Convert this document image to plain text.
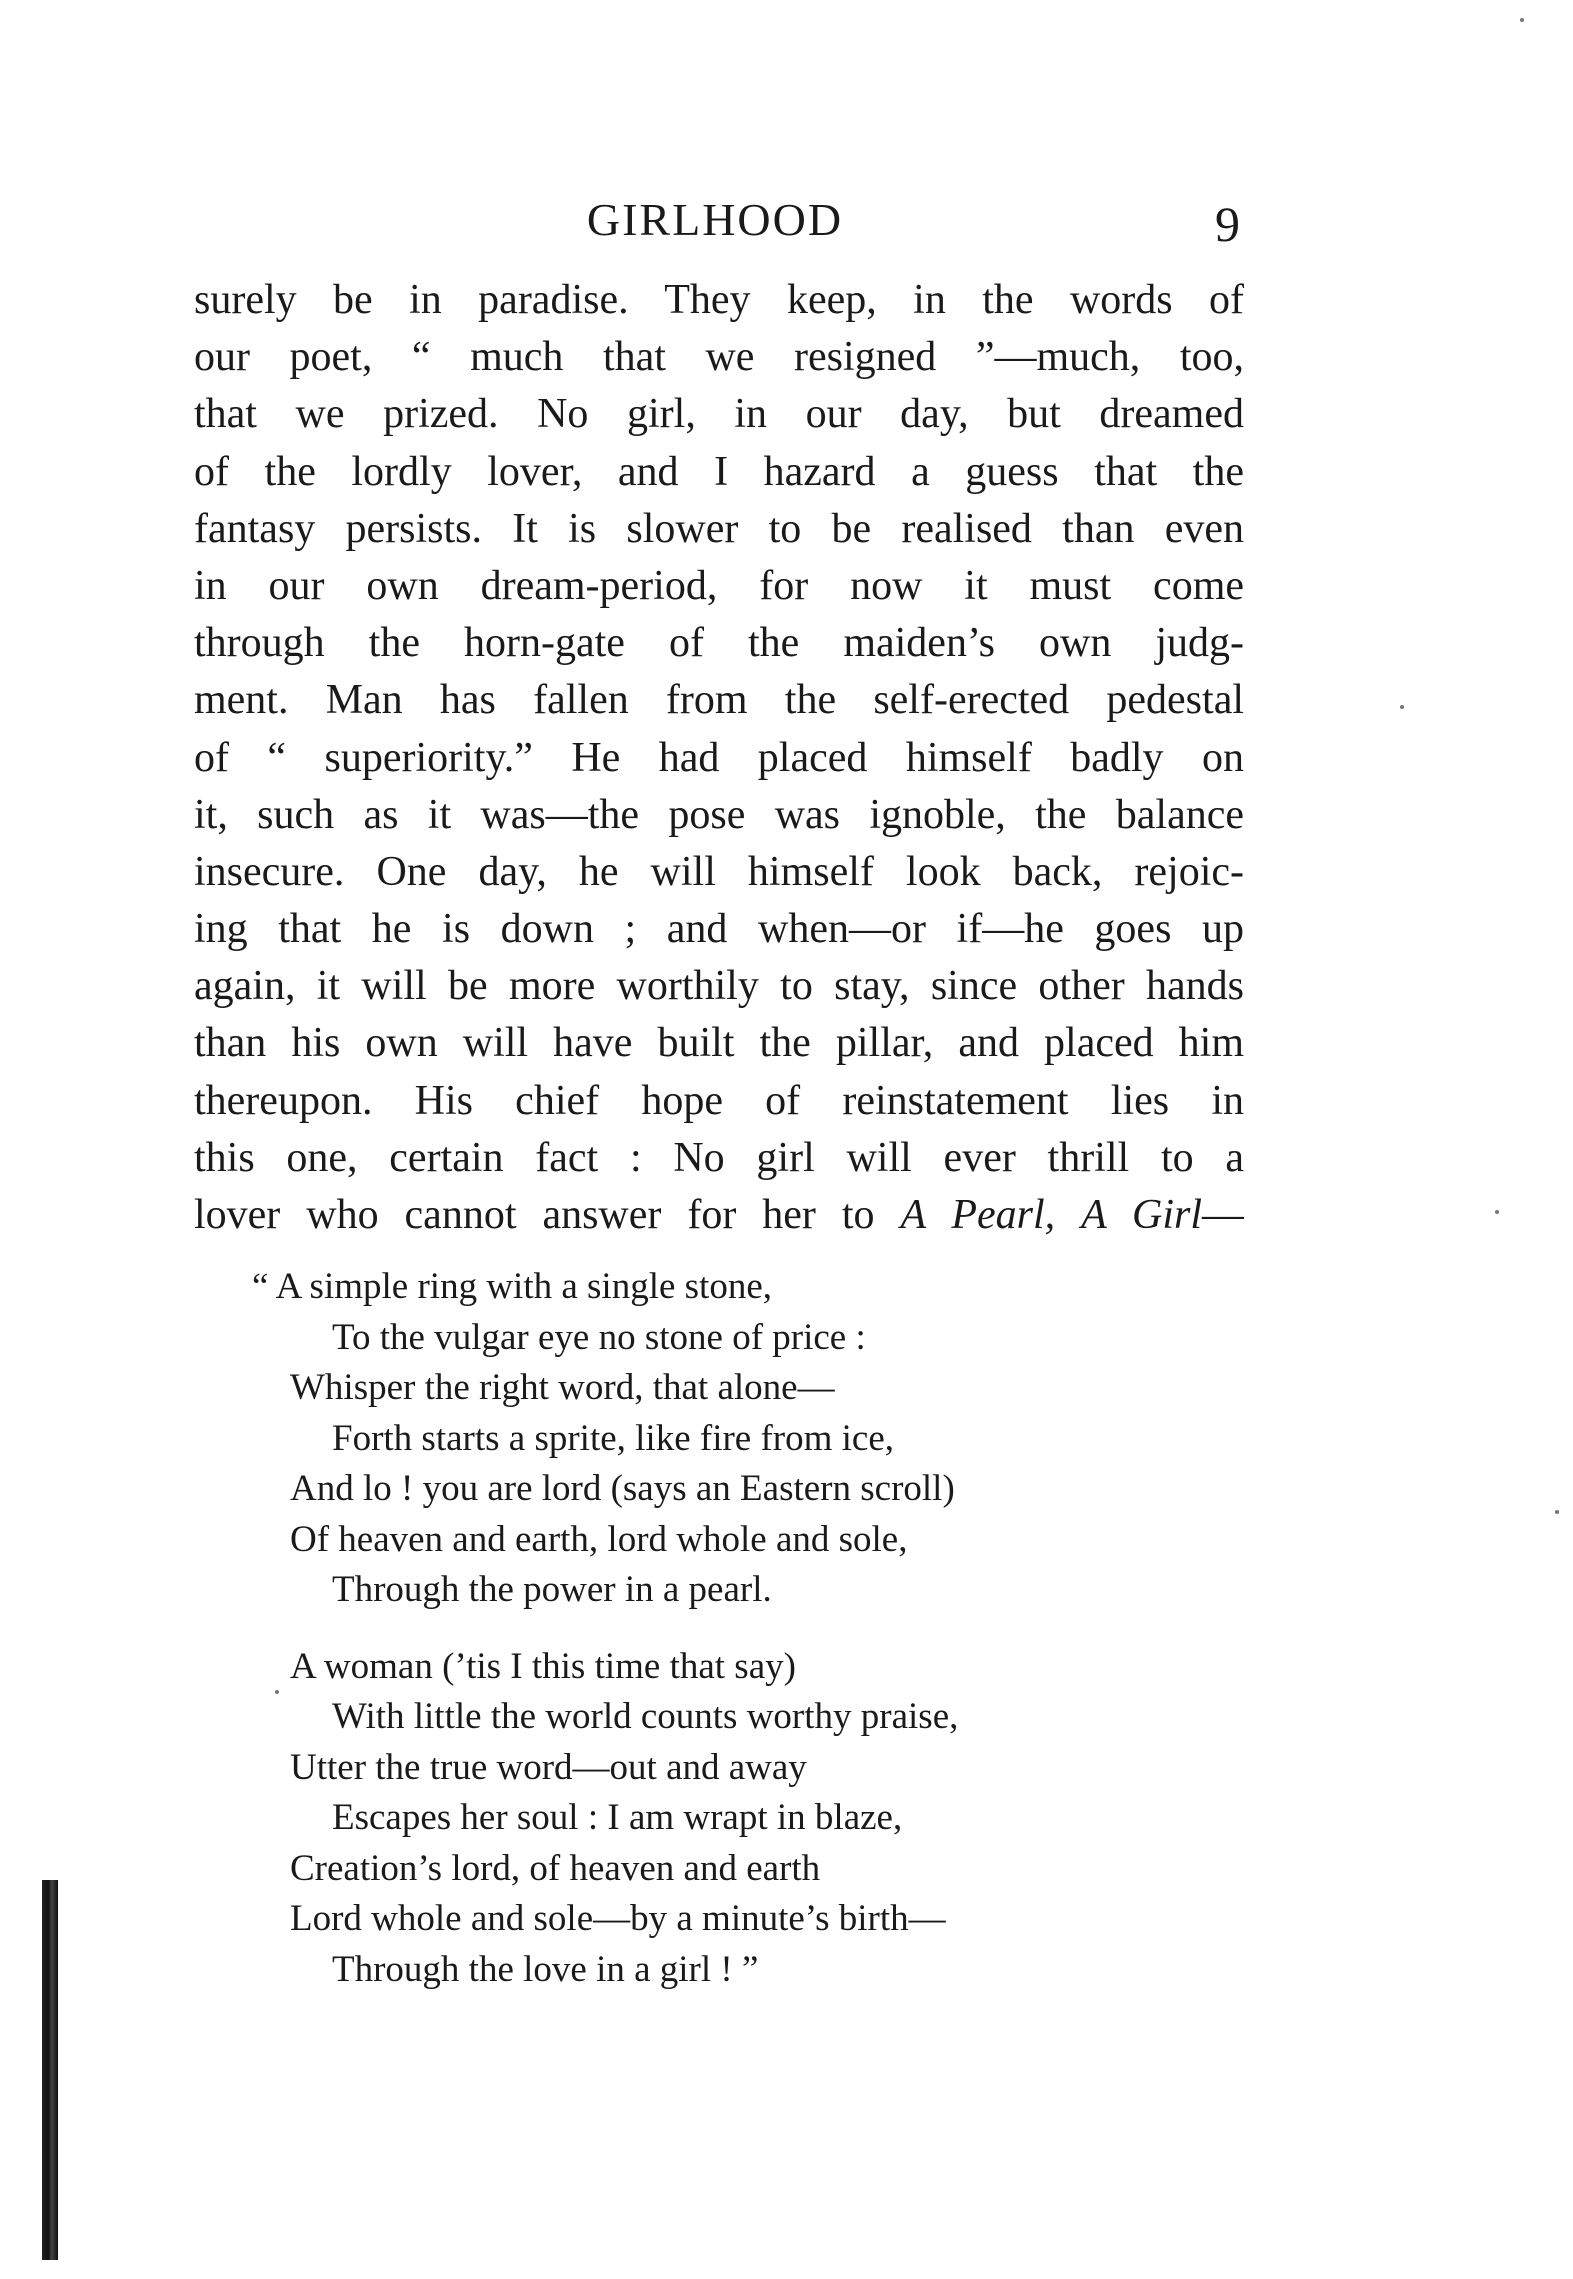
GIRLHOOD	9
surely be in paradise. They keep, in the words of
our poet, “ much that we resigned ”—much, too,
that we prized. No girl, in our day, but dreamed
of the lordly lover, and I hazard a guess that the
fantasy persists. It is slower to be realised than even
in our own dream-period, for now it must come
through the horn-gate of the maiden’s own judg-
ment. Man has fallen from the self-erected pedestal
of “ superiority.” He had placed himself badly on
it, such as it was—the pose was ignoble, the balance
insecure. One day, he will himself look back, rejoic-
ing that he is down ; and when—or if—he goes up
again, it will be more worthily to stay, since other hands
than his own will have built the pillar, and placed him
thereupon. His chief hope of reinstatement lies in
this one, certain fact : No girl will ever thrill to a
lover who cannot answer for her to A Pearl, A Girl—
“ A simple ring with a single stone,
To the vulgar eye no stone of price :
Whisper the right word, that alone—
Forth starts a sprite, like fire from ice,
And lo ! you are lord (says an Eastern scroll)
Of heaven and earth, lord whole and sole,
Through the power in a pearl.
A woman (’tis I this time that say)
With little the world counts worthy praise,
Utter the true word—out and away
Escapes her soul : I am wrapt in blaze,
Creation’s lord, of heaven and earth
Lord whole and sole—by a minute’s birth—
Through the love in a girl ! ”
